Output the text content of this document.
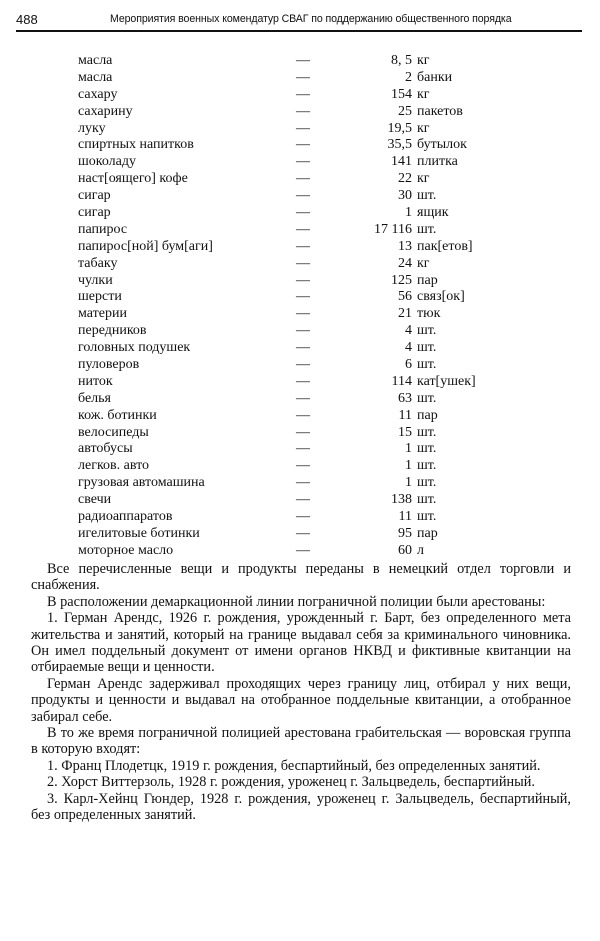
488	Мероприятия военных комендатур СВАГ по поддержанию общественного порядка
масла	—	8, 5 кг
масла	—	2 банки
сахару	—	154 кг
сахарину	—	25 пакетов
луку	—	19,5 кг
спиртных напитков	—	35,5 бутылок
шоколаду	—	141 плитка
наст[оящего] кофе	—	22 кг
сигар	—	30 шт.
сигар	—	1 ящик
папирос	—	17 116 шт.
папирос[ной] бум[аги]	—	13 пак[етов]
табаку	—	24 кг
чулки	—	125 пар
шерсти	—	56 связ[ок]
материи	—	21 тюк
передников	—	4 шт.
головных подушек	—	4 шт.
пуловеров	—	6 шт.
ниток	—	114 кат[ушек]
белья	—	63 шт.
кож. ботинки	—	11 пар
велосипеды	—	15 шт.
автобусы	—	1 шт.
легков. авто	—	1 шт.
грузовая автомашина	—	1 шт.
свечи	—	138 шт.
радиоаппаратов	—	11 шт.
игелитовые ботинки	—	95 пар
моторное масло	—	60 л

Все перечисленные вещи и продукты переданы в немецкий отдел торговли и снабжения.

В расположении демаркационной линии пограничной полиции были арестованы:

1. Герман Арендс, 1926 г. рождения, урожденный г. Барт, без определенного мета жительства и занятий, который на границе выдавал себя за криминального чиновника. Он имел поддельный документ от имени органов НКВД и фиктивные квитанции на отбираемые вещи и ценности.

Герман Арендс задерживал проходящих через границу лиц, отбирал у них вещи, продукты и ценности и выдавал на отобранное поддельные квитанции, а отобранное забирал себе.

В то же время пограничной полицией арестована грабительская — воровская группа в которую входят:

1. Франц Плодетцк, 1919 г. рождения, беспартийный, без определенных занятий.

2. Хорст Виттерзоль, 1928 г. рождения, уроженец г. Зальцведель, беспартийный.

3. Карл-Хейнц Гюндер, 1928 г. рождения, уроженец г. Зальцведель, беспартийный, без определенных занятий.
